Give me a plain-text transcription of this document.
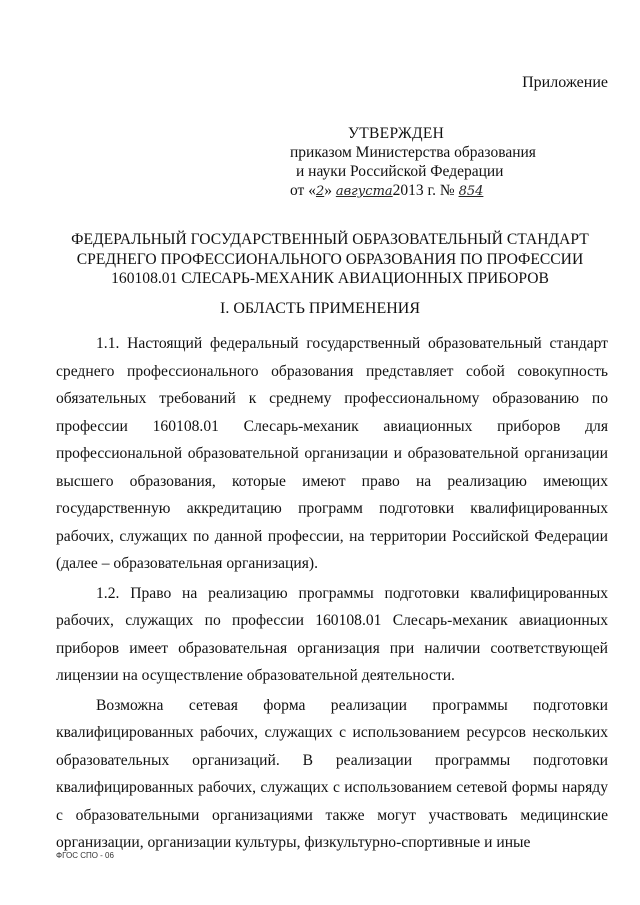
Приложение
УТВЕРЖДЕН
приказом Министерства образования
и науки Российской Федерации
от «2» августа2013 г. № 854
ФЕДЕРАЛЬНЫЙ ГОСУДАРСТВЕННЫЙ ОБРАЗОВАТЕЛЬНЫЙ СТАНДАРТ
СРЕДНЕГО ПРОФЕССИОНАЛЬНОГО ОБРАЗОВАНИЯ ПО ПРОФЕССИИ
160108.01 СЛЕСАРЬ-МЕХАНИК АВИАЦИОННЫХ ПРИБОРОВ
I. ОБЛАСТЬ ПРИМЕНЕНИЯ

1.1. Настоящий федеральный государственный образовательный стандарт среднего профессионального образования представляет собой совокупность обязательных требований к среднему профессиональному образованию по профессии 160108.01 Слесарь-механик авиационных приборов для профессиональной образовательной организации и образовательной организации высшего образования, которые имеют право на реализацию имеющих государственную аккредитацию программ подготовки квалифицированных рабочих, служащих по данной профессии, на территории Российской Федерации (далее – образовательная организация).

1.2. Право на реализацию программы подготовки квалифицированных рабочих, служащих по профессии 160108.01 Слесарь-механик авиационных приборов имеет образовательная организация при наличии соответствующей лицензии на осуществление образовательной деятельности.

Возможна сетевая форма реализации программы подготовки квалифицированных рабочих, служащих с использованием ресурсов нескольких образовательных организаций. В реализации программы подготовки квалифицированных рабочих, служащих с использованием сетевой формы наряду с образовательными организациями также могут участвовать медицинские организации, организации культуры, физкультурно-спортивные и иные

ФГОС СПО - 06
